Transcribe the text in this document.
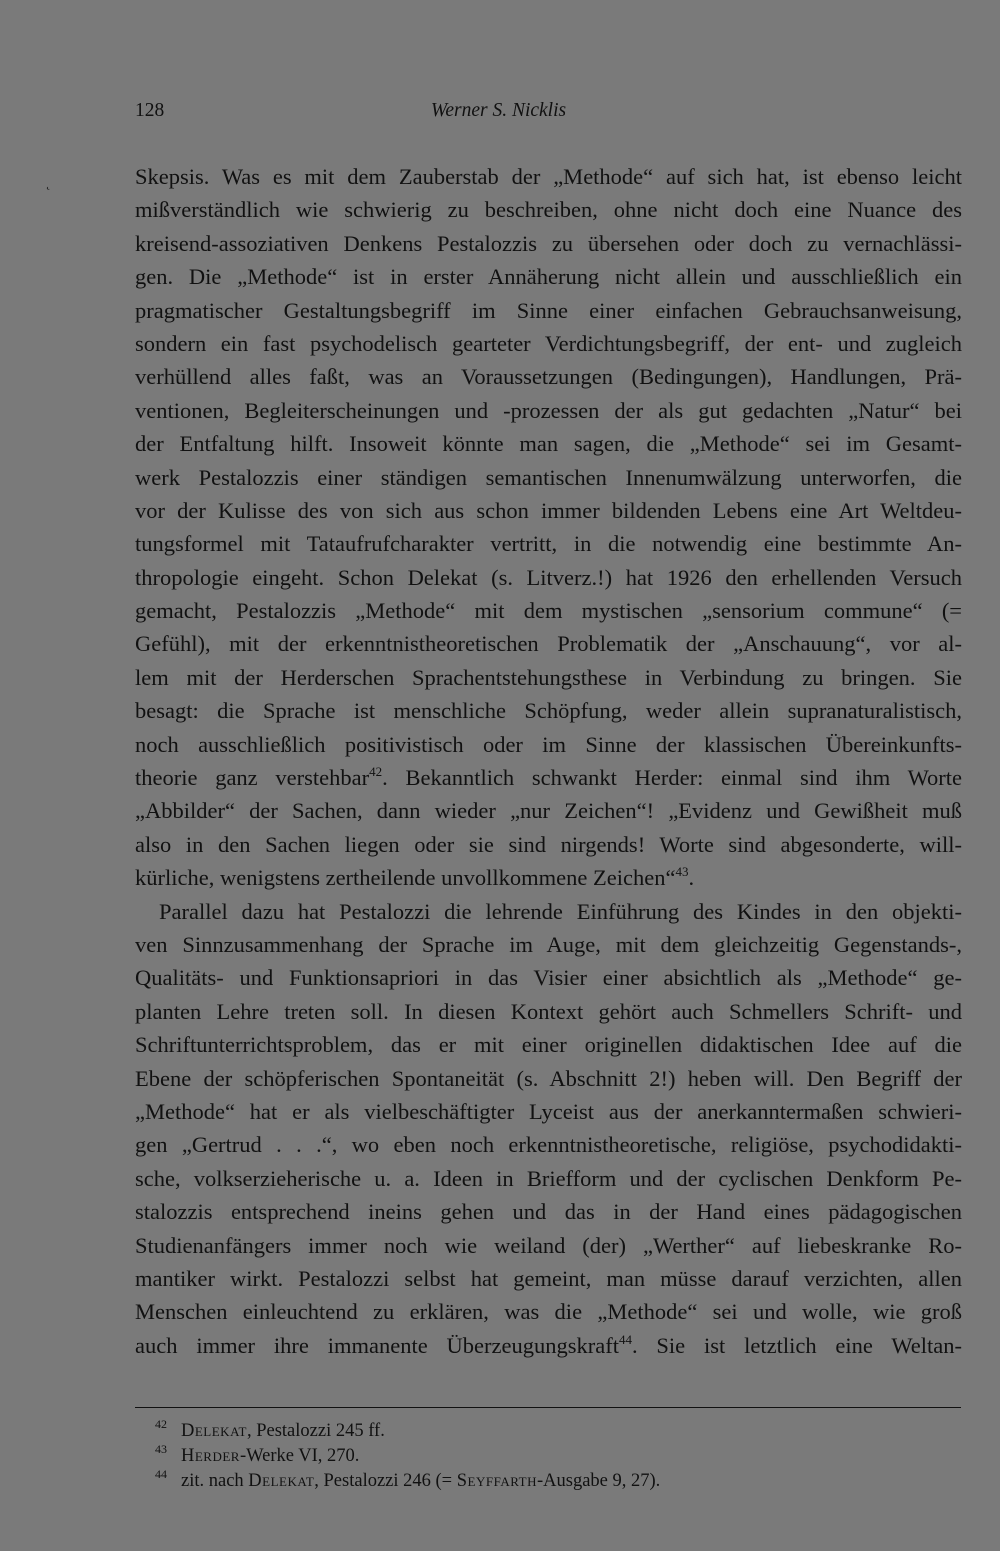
128	Werner S. Nicklis
˛	Skepsis. Was es mit dem Zauberstab der „Methode“ auf sich hat, ist ebenso leicht
mißverständlich wie schwierig zu beschreiben, ohne nicht doch eine Nuance des
kreisend-assoziativen Denkens Pestalozzis zu übersehen oder doch zu vernachlässi-
gen. Die „Methode“ ist in erster Annäherung nicht allein und ausschließlich ein
pragmatischer Gestaltungsbegriff im Sinne einer einfachen Gebrauchsanweisung,
sondern ein fast psychodelisch gearteter Verdichtungsbegriff, der ent- und zugleich
verhüllend alles faßt, was an Voraussetzungen (Bedingungen), Handlungen, Prä-
ventionen, Begleiterscheinungen und -prozessen der als gut gedachten „Natur“ bei
der Entfaltung hilft. Insoweit könnte man sagen, die „Methode“ sei im Gesamt-
werk Pestalozzis einer ständigen semantischen Innenumwälzung unterworfen, die
vor der Kulisse des von sich aus schon immer bildenden Lebens eine Art Weltdeu-
tungsformel mit Tataufrufcharakter vertritt, in die notwendig eine bestimmte An-
thropologie eingeht. Schon Delekat (s. Litverz.!) hat 1926 den erhellenden Versuch
gemacht, Pestalozzis „Methode“ mit dem mystischen „sensorium commune“ (=
Gefühl), mit der erkenntnistheoretischen Problematik der „Anschauung“, vor al-
lem mit der Herderschen Sprachentstehungsthese in Verbindung zu bringen. Sie
besagt: die Sprache ist menschliche Schöpfung, weder allein supranaturalistisch,
noch ausschließlich positivistisch oder im Sinne der klassischen Übereinkunfts-
theorie ganz verstehbar$^{42}$. Bekanntlich schwankt Herder: einmal sind ihm Worte
„Abbilder“ der Sachen, dann wieder „nur Zeichen“! „Evidenz und Gewißheit muß
also in den Sachen liegen oder sie sind nirgends! Worte sind abgesonderte, will-
kürliche, wenigstens zertheilende unvollkommene Zeichen“$^{43}$.
Parallel dazu hat Pestalozzi die lehrende Einführung des Kindes in den objekti-
ven Sinnzusammenhang der Sprache im Auge, mit dem gleichzeitig Gegenstands-,
Qualitäts- und Funktionsapriori in das Visier einer absichtlich als „Methode“ ge-
planten Lehre treten soll. In diesen Kontext gehört auch Schmellers Schrift- und
Schriftunterrichtsproblem, das er mit einer originellen didaktischen Idee auf die
Ebene der schöpferischen Spontaneität (s. Abschnitt 2!) heben will. Den Begriff der
„Methode“ hat er als vielbeschäftigter Lyceist aus der anerkanntermaßen schwieri-
gen „Gertrud . . .“, wo eben noch erkenntnistheoretische, religiöse, psychodidakti-
sche, volkserzieherische u. a. Ideen in Briefform und der cyclischen Denkform Pe-
stalozzis entsprechend ineins gehen und das in der Hand eines pädagogischen
Studienanfängers immer noch wie weiland (der) „Werther“ auf liebeskranke Ro-
mantiker wirkt. Pestalozzi selbst hat gemeint, man müsse darauf verzichten, allen
Menschen einleuchtend zu erklären, was die „Methode“ sei und wolle, wie groß
auch immer ihre immanente Überzeugungskraft$^{44}$. Sie ist letztlich eine Weltan-
42 Delekat, Pestalozzi 245 ff.
43 Herder-Werke VI, 270.
44 zit. nach Delekat, Pestalozzi 246 (= Seyffarth-Ausgabe 9, 27).
